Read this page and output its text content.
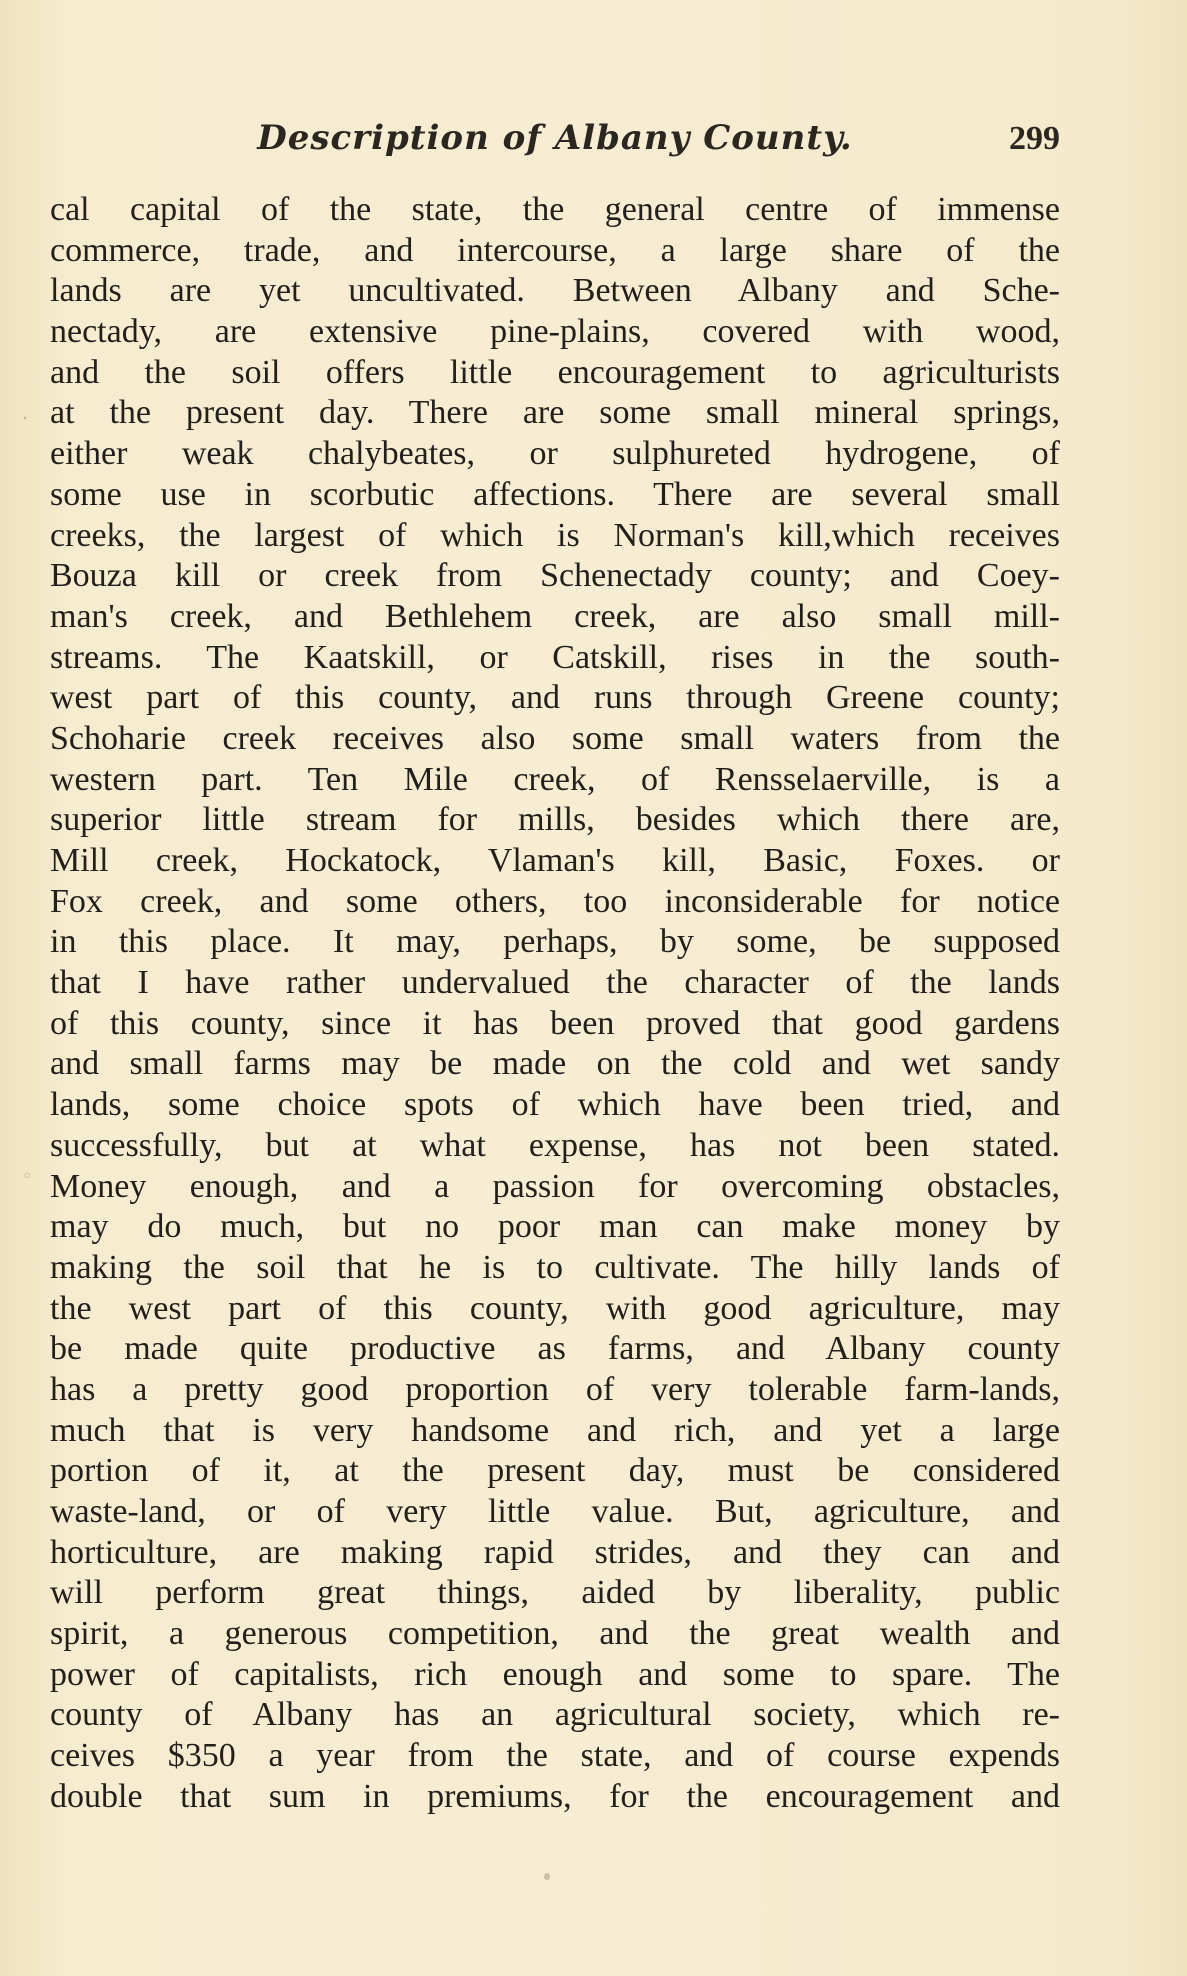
Description of Albany County.	299
·
◦
cal capital of the state, the general centre of immense
commerce, trade, and intercourse, a large share of the
lands are yet uncultivated. Between Albany and Sche-
nectady, are extensive pine-plains, covered with wood,
and the soil offers little encouragement to agriculturists
at the present day. There are some small mineral springs,
either weak chalybeates, or sulphureted hydrogene, of
some use in scorbutic affections. There are several small
creeks, the largest of which is Norman's kill,which receives
Bouza kill or creek from Schenectady county; and Coey-
man's creek, and Bethlehem creek, are also small mill-
streams. The Kaatskill, or Catskill, rises in the south-
west part of this county, and runs through Greene county;
Schoharie creek receives also some small waters from the
western part. Ten Mile creek, of Rensselaerville, is a
superior little stream for mills, besides which there are,
Mill creek, Hockatock, Vlaman's kill, Basic, Foxes. or
Fox creek, and some others, too inconsiderable for notice
in this place. It may, perhaps, by some, be supposed
that I have rather undervalued the character of the lands
of this county, since it has been proved that good gardens
and small farms may be made on the cold and wet sandy
lands, some choice spots of which have been tried, and
successfully, but at what expense, has not been stated.
Money enough, and a passion for overcoming obstacles,
may do much, but no poor man can make money by
making the soil that he is to cultivate. The hilly lands of
the west part of this county, with good agriculture, may
be made quite productive as farms, and Albany county
has a pretty good proportion of very tolerable farm-lands,
much that is very handsome and rich, and yet a large
portion of it, at the present day, must be considered
waste-land, or of very little value. But, agriculture, and
horticulture, are making rapid strides, and they can and
will perform great things, aided by liberality, public
spirit, a generous competition, and the great wealth and
power of capitalists, rich enough and some to spare. The
county of Albany has an agricultural society, which re-
ceives $350 a year from the state, and of course expends
double that sum in premiums, for the encouragement and
